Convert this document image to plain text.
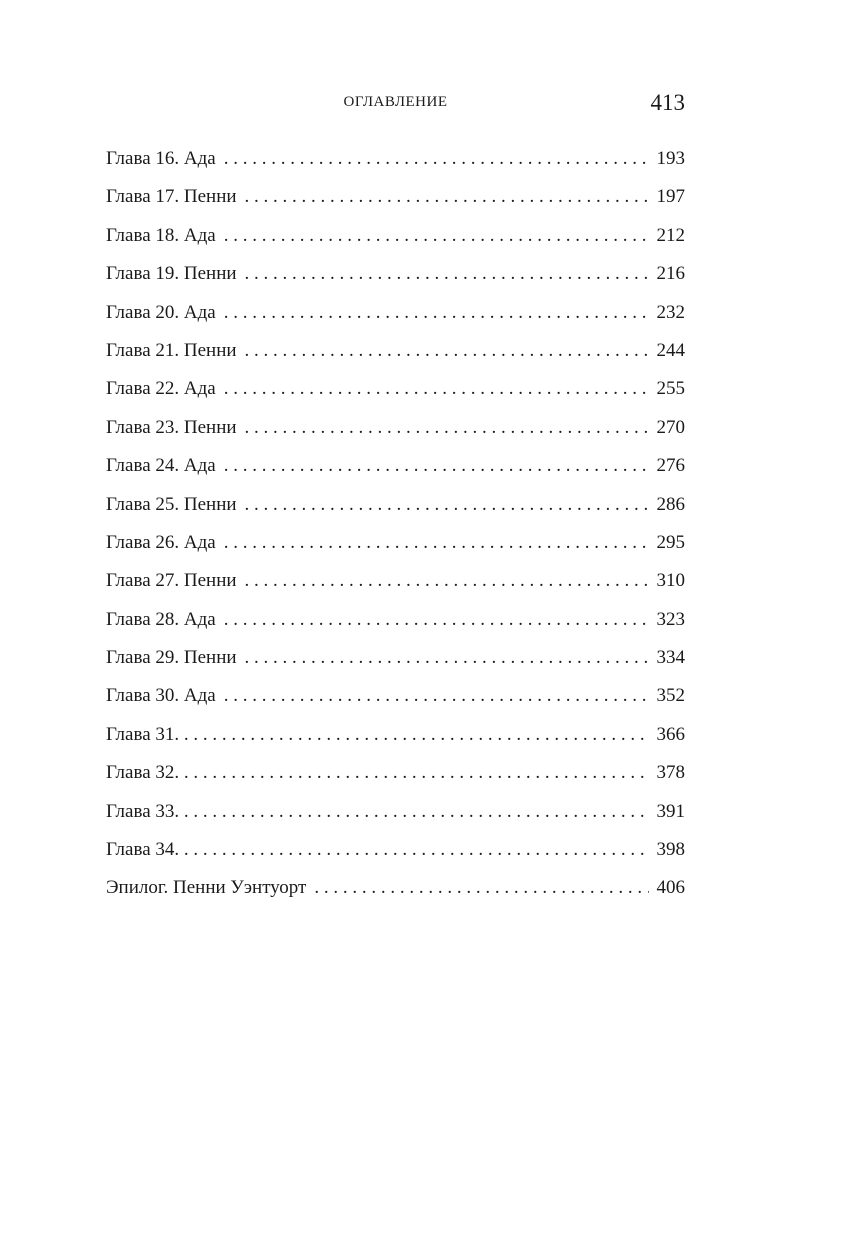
ОГЛАВЛЕНИЕ	413
Глава 16. Ада . . .	193
Глава 17. Пенни . . .	197
Глава 18. Ада . . .	212
Глава 19. Пенни . . .	216
Глава 20. Ада . . .	232
Глава 21. Пенни . . .	244
Глава 22. Ада . . .	255
Глава 23. Пенни . . .	270
Глава 24. Ада . . .	276
Глава 25. Пенни . . .	286
Глава 26. Ада . . .	295
Глава 27. Пенни . . .	310
Глава 28. Ада . . .	323
Глава 29. Пенни . . .	334
Глава 30. Ада . . .	352
Глава 31 . . .	366
Глава 32 . . .	378
Глава 33 . . .	391
Глава 34 . . .	398
Эпилог. Пенни Уэнтуорт . . .	406
